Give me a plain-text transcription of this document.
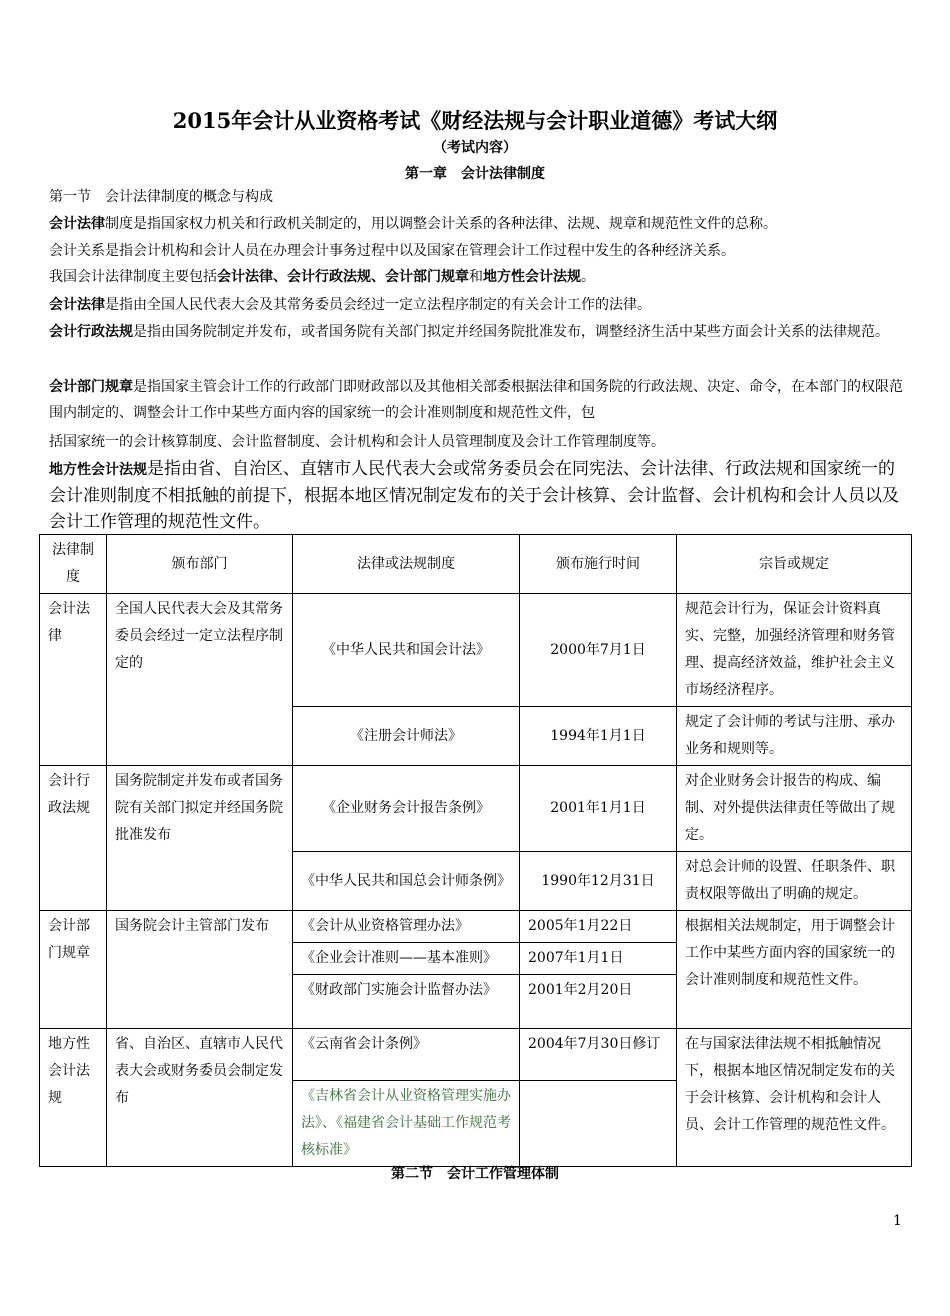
2015年会计从业资格考试《财经法规与会计职业道德》考试大纲
（考试内容）
第一章　会计法律制度
第一节　会计法律制度的概念与构成
会计法律制度是指国家权力机关和行政机关制定的，用以调整会计关系的各种法律、法规、规章和规范性文件的总称。
会计关系是指会计机构和会计人员在办理会计事务过程中以及国家在管理会计工作过程中发生的各种经济关系。
我国会计法律制度主要包括会计法律、会计行政法规、会计部门规章和地方性会计法规。
会计法律是指由全国人民代表大会及其常务委员会经过一定立法程序制定的有关会计工作的法律。
会计行政法规是指由国务院制定并发布，或者国务院有关部门拟定并经国务院批准发布，调整经济生活中某些方面会计关系的法律规范。
会计部门规章是指国家主管会计工作的行政部门即财政部以及其他相关部委根据法律和国务院的行政法规、决定、命令，在本部门的权限范围内制定的、调整会计工作中某些方面内容的国家统一的会计准则制度和规范性文件，包
括国家统一的会计核算制度、会计监督制度、会计机构和会计人员管理制度及会计工作管理制度等。
地方性会计法规是指由省、自治区、直辖市人民代表大会或常务委员会在同宪法、会计法律、行政法规和国家统一的会计准则制度不相抵触的前提下，根据本地区情况制定发布的关于会计核算、会计监督、会计机构和会计人员以及会计工作管理的规范性文件。
法律制度	颁布部门	法律或法规制度	颁布施行时间	宗旨或规定
会计法律	全国人民代表大会及其常务委员会经过一定立法程序制定的	《中华人民共和国会计法》	2000年7月1日	规范会计行为，保证会计资料真实、完整，加强经济管理和财务管理、提高经济效益，维护社会主义市场经济程序。
		《注册会计师法》	1994年1月1日	规定了会计师的考试与注册、承办业务和规则等。
会计行政法规	国务院制定并发布或者国务院有关部门拟定并经国务院批准发布	《企业财务会计报告条例》	2001年1月1日	对企业财务会计报告的构成、编制、对外提供法律责任等做出了规定。
		《中华人民共和国总会计师条例》	1990年12月31日	对总会计师的设置、任职条件、职责权限等做出了明确的规定。
会计部门规章	国务院会计主管部门发布	《会计从业资格管理办法》	2005年1月22日	根据相关法规制定，用于调整会计工作中某些方面内容的国家统一的会计准则制度和规范性文件。
		《企业会计准则——基本准则》	2007年1月1日	
		《财政部门实施会计监督办法》	2001年2月20日	
地方性会计法规	省、自治区、直辖市人民代表大会或财务委员会制定发布	《云南省会计条例》	2004年7月30日修订	在与国家法律法规不相抵触情况下，根据本地区情况制定发布的关于会计核算、会计机构和会计人员、会计工作管理的规范性文件。
		《吉林省会计从业资格管理实施办法》、《福建省会计基础工作规范考核标准》		
第二节　会计工作管理体制
1
